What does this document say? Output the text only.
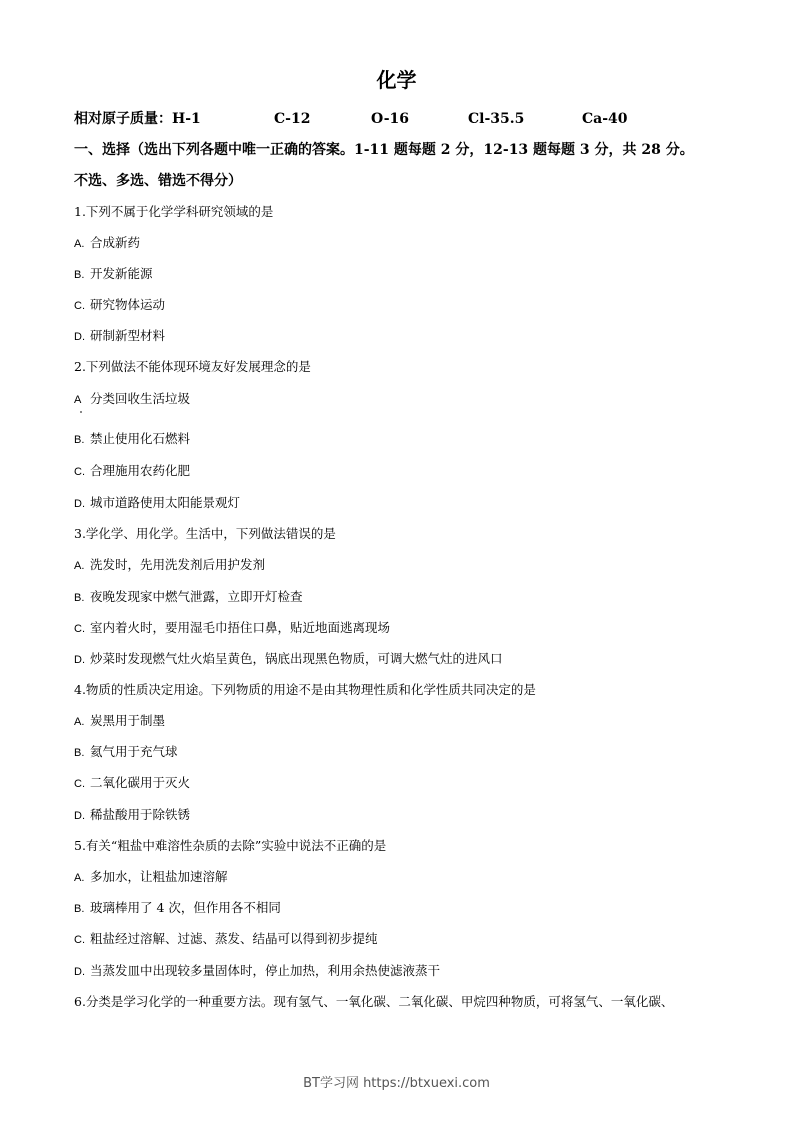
化学
相对原子质量：H-1	C-12	O-16	Cl-35.5	Ca-40
一、选择（选出下列各题中唯一正确的答案。1-11 题每题 2 分，12-13 题每题 3 分，共 28 分。
不选、多选、错选不得分）
1.下列不属于化学学科研究领域的是
A. 合成新药
B. 开发新能源
C. 研究物体运动
D. 研制新型材料
2.下列做法不能体现环境友好发展理念的是
A 分类回收生活垃圾
B. 禁止使用化石燃料
C. 合理施用农药化肥
D. 城市道路使用太阳能景观灯
3.学化学、用化学。生活中，下列做法错误的是
A. 洗发时，先用洗发剂后用护发剂
B. 夜晚发现家中燃气泄露，立即开灯检查
C. 室内着火时，要用湿毛巾捂住口鼻，贴近地面逃离现场
D. 炒菜时发现燃气灶火焰呈黄色，锅底出现黑色物质，可调大燃气灶的进风口
4.物质的性质决定用途。下列物质的用途不是由其物理性质和化学性质共同决定的是
A. 炭黑用于制墨
B. 氦气用于充气球
C. 二氧化碳用于灭火
D. 稀盐酸用于除铁锈
5.有关“粗盐中难溶性杂质的去除”实验中说法不正确的是
A. 多加水，让粗盐加速溶解
B. 玻璃棒用了 4 次，但作用各不相同
C. 粗盐经过溶解、过滤、蒸发、结晶可以得到初步提纯
D. 当蒸发皿中出现较多量固体时，停止加热，利用余热使滤液蒸干
6.分类是学习化学的一种重要方法。现有氢气、一氧化碳、二氧化碳、甲烷四种物质，可将氢气、一氧化碳、
BT学习网 https://btxuexi.com
